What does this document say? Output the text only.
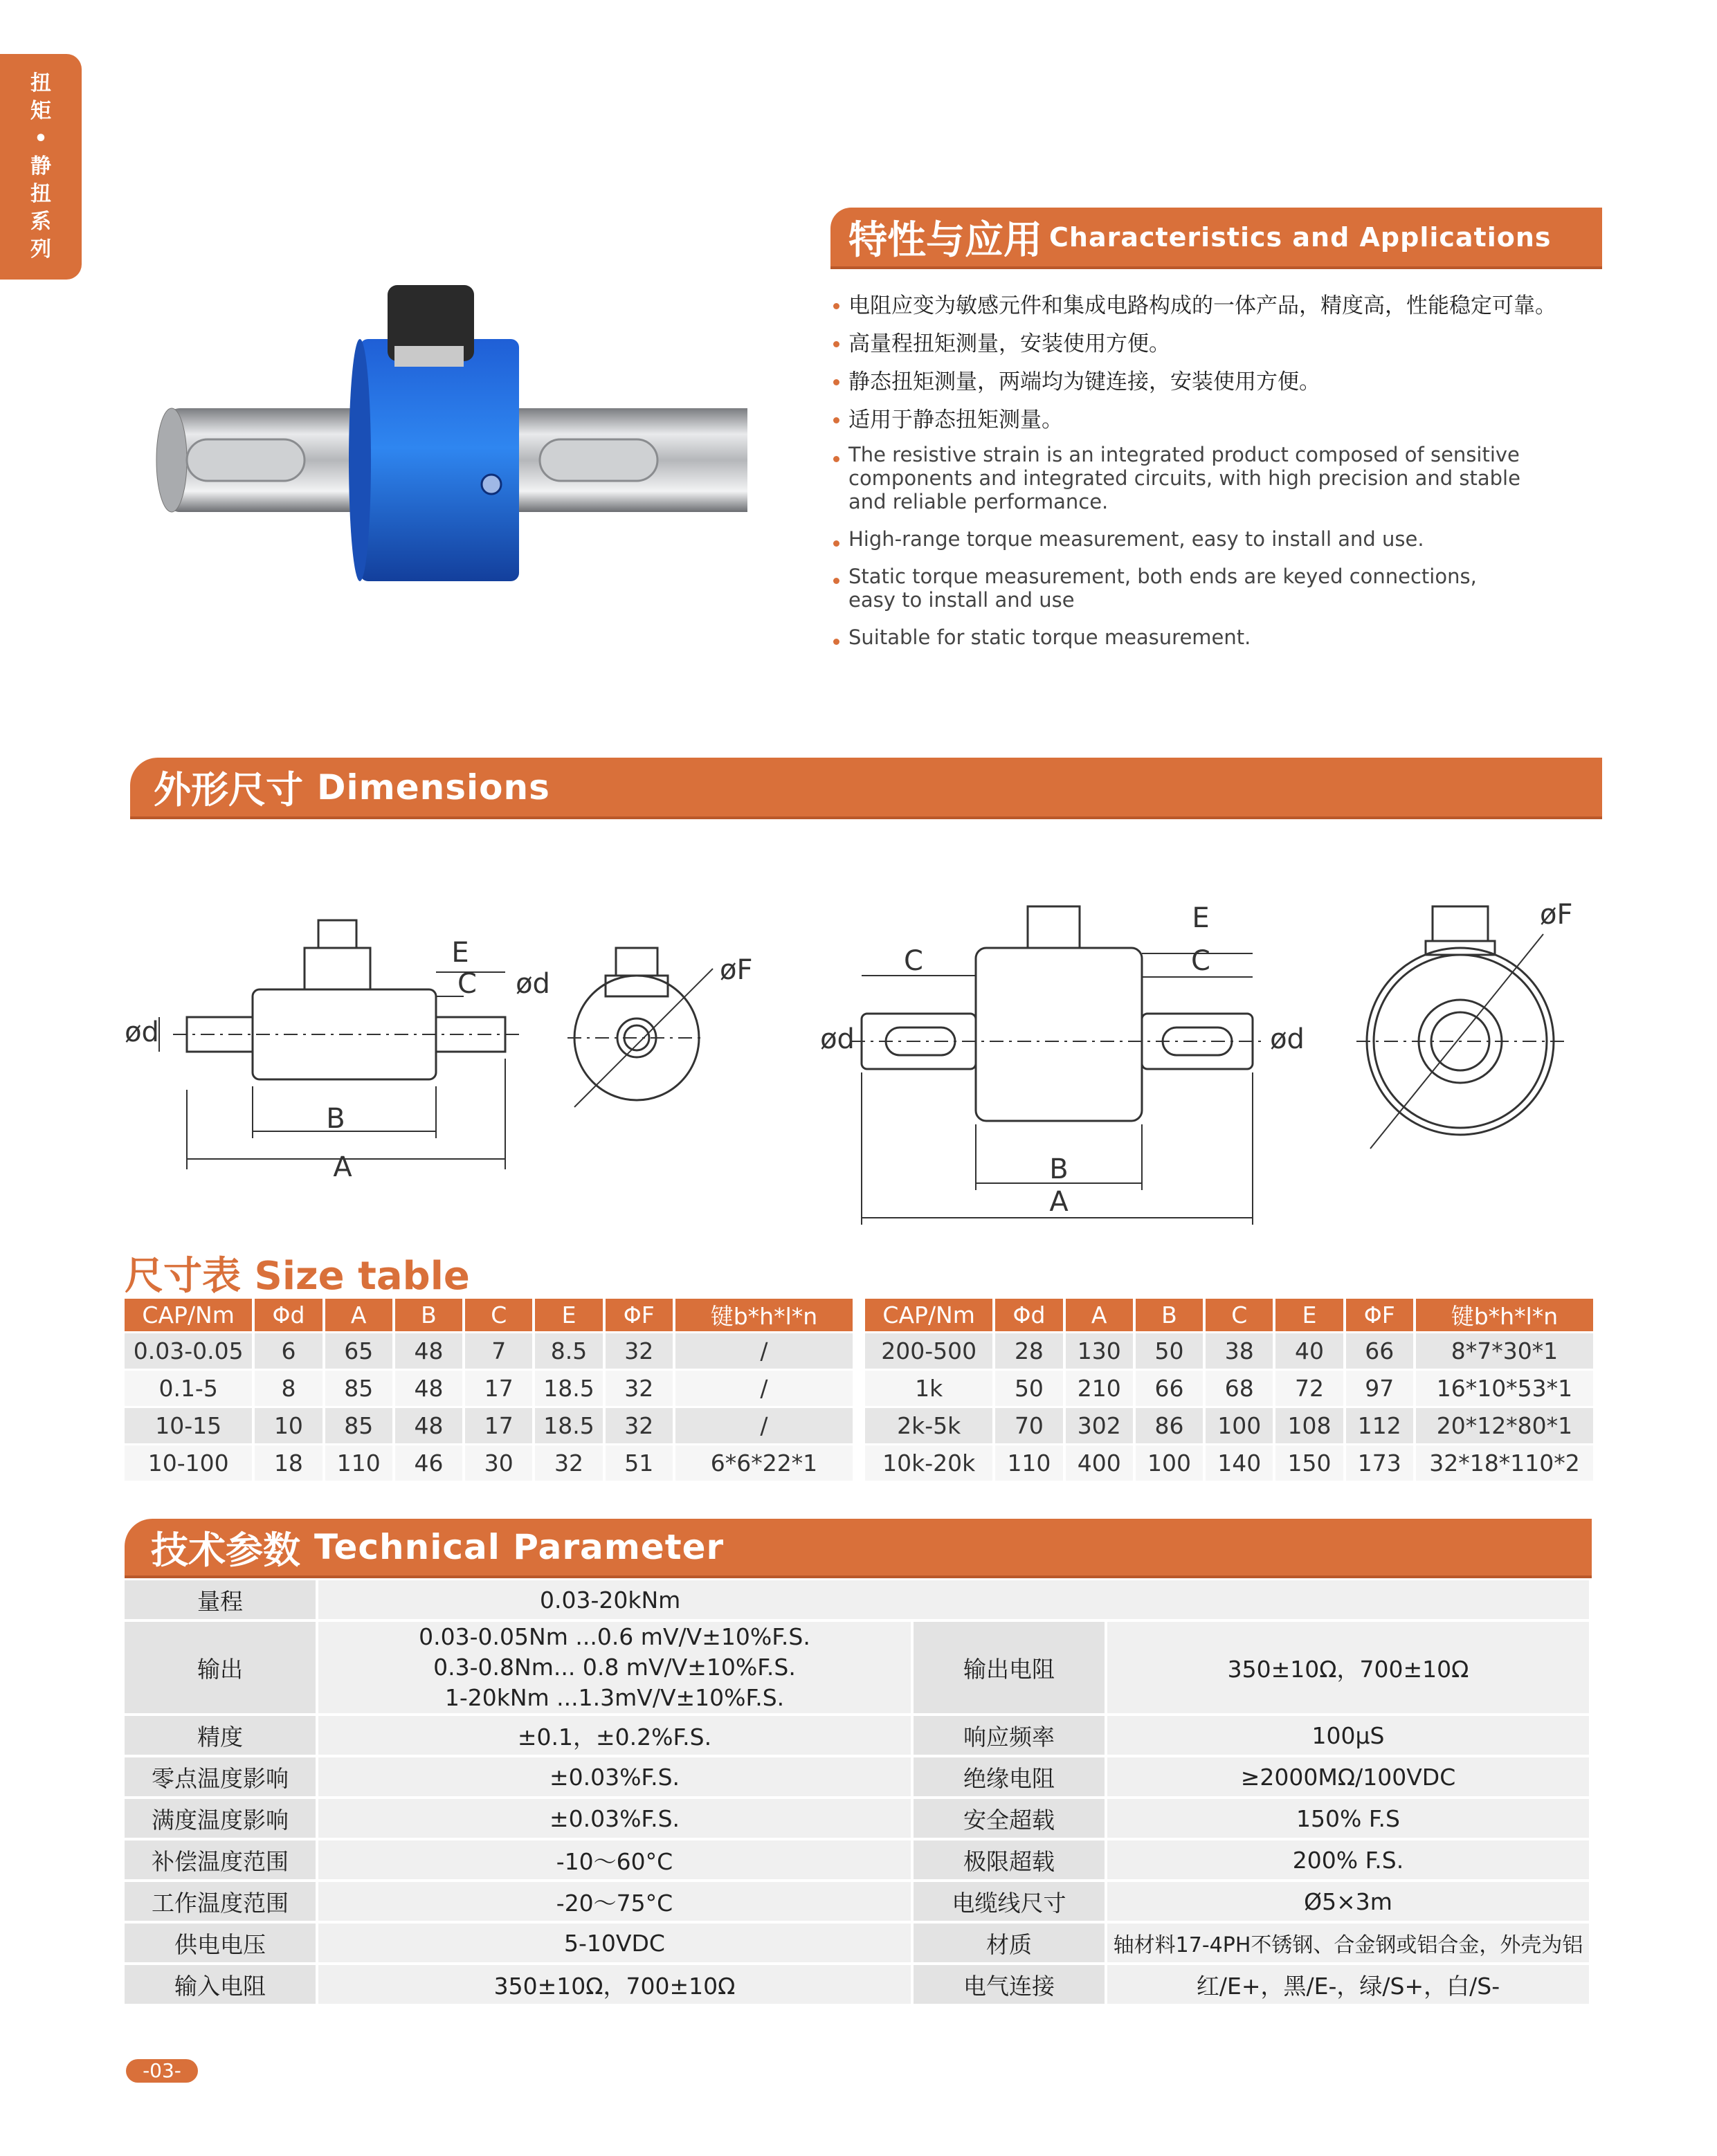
扭
矩
•
静
扭
系
列	特性与应用 Characteristics and Applications
电阻应变为敏感元件和集成电路构成的一体产品，精度高，性能稳定可靠。
高量程扭矩测量，安装使用方便。
静态扭矩测量，两端均为键连接，安装使用方便。
适用于静态扭矩测量。
The resistive strain is an integrated product composed of sensitive components and integrated circuits, with high precision and stable and reliable performance.
High-range torque measurement, easy to install and use.
Static torque measurement, both ends are keyed connections, easy to install and use
Suitable for static torque measurement.
外形尺寸 Dimensions
B
A
E
C
ød
øF
ød
B
A
C
E
C
ød	ød
øF
尺寸表 Size table
CAP/Nm	Φd	A	B	C	E	ΦF	键b*h*l*n
0.03-0.05	6	65	48	7	8.5	32	/
0.1-5	8	85	48	17	18.5	32	/
10-15	10	85	48	17	18.5	32	/
10-100	18	110	46	30	32	51	6*6*22*1
CAP/Nm	Φd	A	B	C	E	ΦF	键b*h*l*n
200-500	28	130	50	38	40	66	8*7*30*1
1k	50	210	66	68	72	97	16*10*53*1
2k-5k	70	302	86	100	108	112	20*12*80*1
10k-20k	110	400	100	140	150	173	32*18*110*2
技术参数 Technical Parameter
量程	0.03-20kNm		
输出	0.03-0.05Nm ...0.6 mV/V±10%F.S.
0.3-0.8Nm... 0.8 mV/V±10%F.S.
1-20kNm ...1.3mV/V±10%F.S.	输出电阻	350±10Ω，700±10Ω
精度	±0.1，±0.2%F.S.	响应频率	100μS
零点温度影响	±0.03%F.S.	绝缘电阻	≥2000MΩ/100VDC
满度温度影响	±0.03%F.S.	安全超载	150% F.S
补偿温度范围	-10～60°C	极限超载	200% F.S.
工作温度范围	-20～75°C	电缆线尺寸	Ø5×3m
供电电压	5-10VDC	材质	轴材料17-4PH不锈钢、合金钢或铝合金，外壳为铝
输入电阻	350±10Ω，700±10Ω	电气连接	红/E+，黑/E-，绿/S+，白/S-
-03-
